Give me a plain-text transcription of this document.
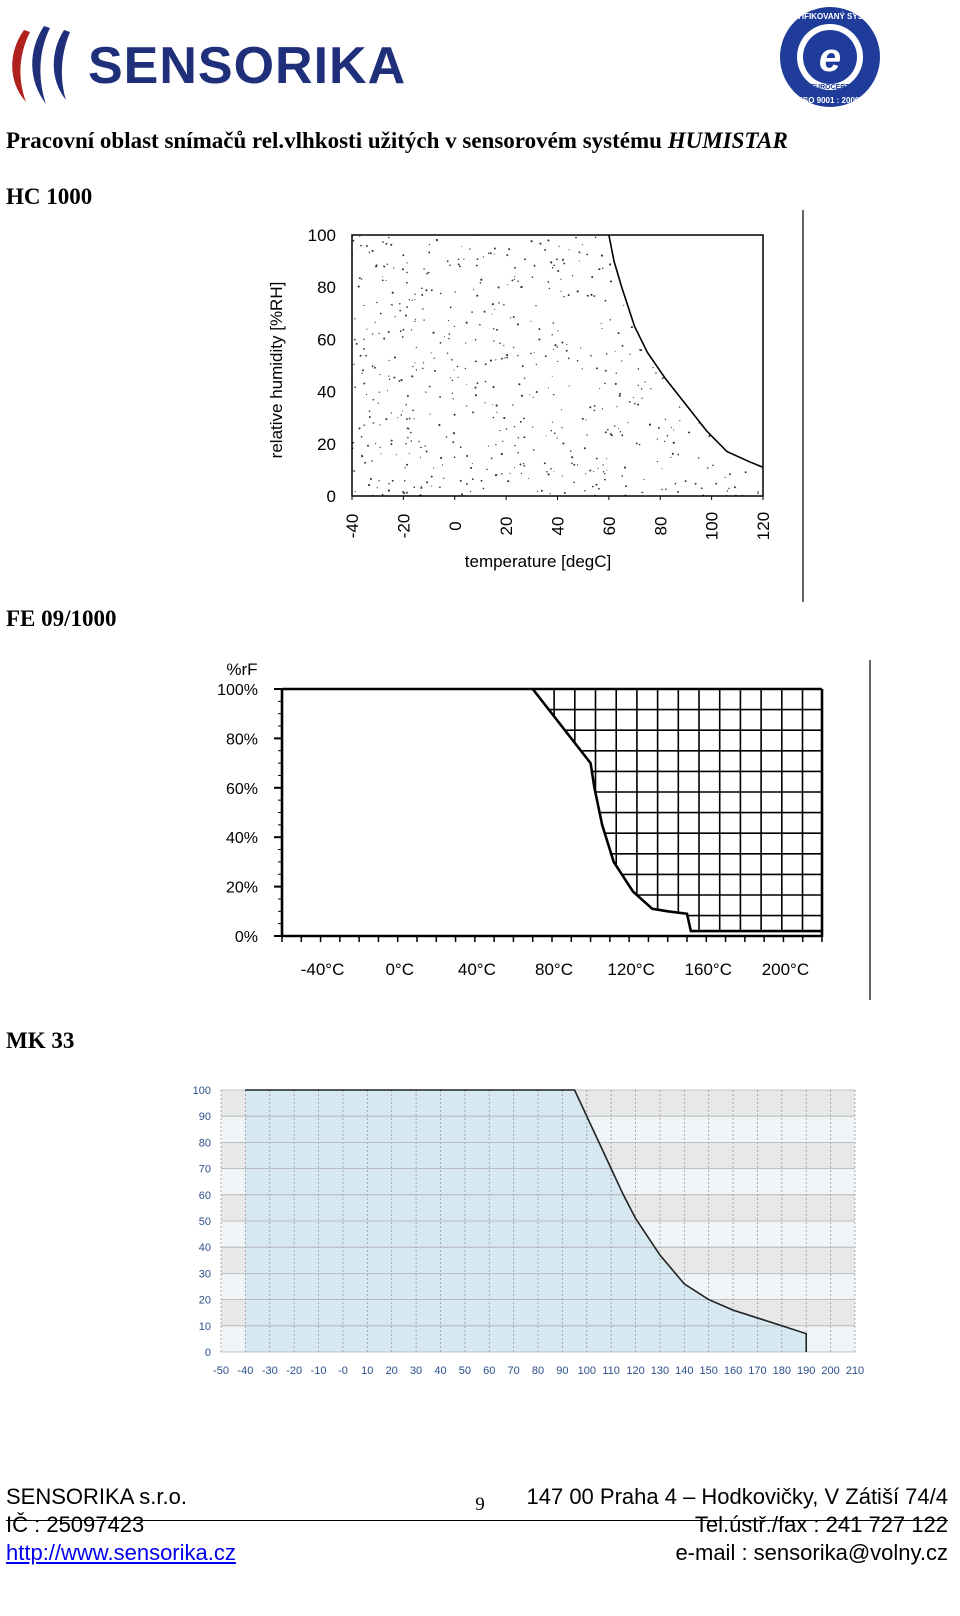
SENSORIKA	e
CERTIFIKOVANÝ SYSTÉM
EUROCERT
ISO 9001 : 2000
Pracovní oblast snímačů rel.vlhkosti užitých v sensorovém systému HUMISTAR
HC 1000
100
80
60
40
20
0
-40 -20 0 20 40 60 80 100 120
relative humidity [%RH]
temperature [degC]
FE 09/1000
100%
80%
60%
40%
20%
0%
-40°C 0°C	40°C 80°C 120°C 160°C 200°C
%rF
MK 33
100
90
80
70
60
50
40
30
20
10
0
-50 -40 -30 -20 -10 -0 10 20 30 40 50 60 70 80 90 100 110 120 130 140 150 160 170 180 190 200 210
9
SENSORIKA s.r.o.	147 00 Praha 4 – Hodkovičky, V Zátiší 74/4
IČ : 25097423	Tel.ústř./fax : 241 727 122
http://www.sensorika.cz	e-mail : sensorika@volny.cz
